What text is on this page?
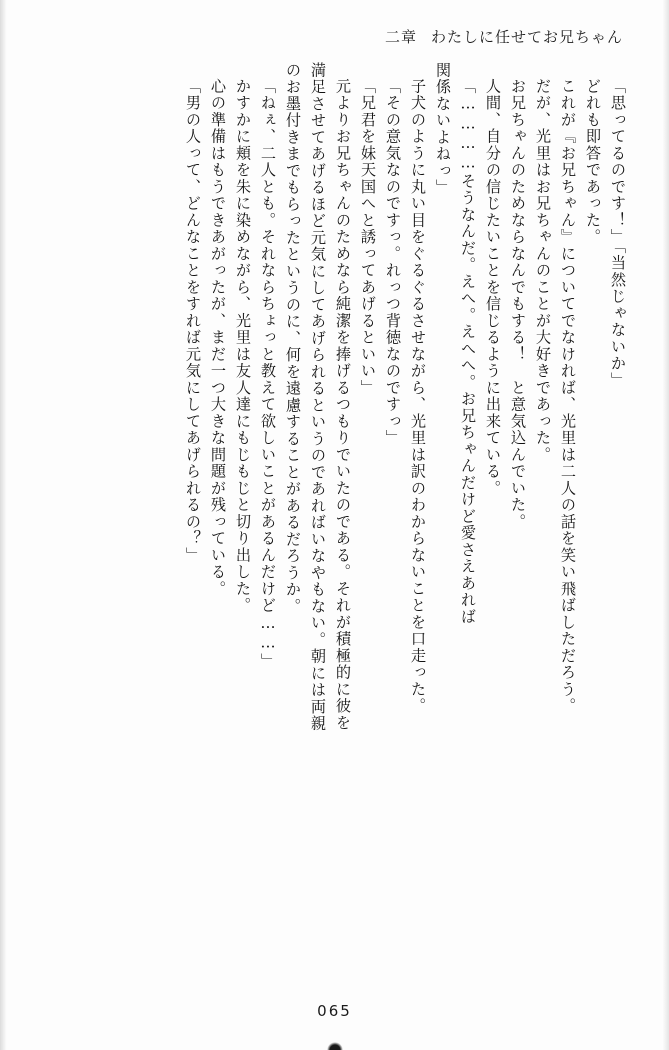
二章 わたしに任せてお兄ちゃん
「思ってるのです！」「当然じゃないか」
どれも即答であった。
これが『お兄ちゃん』についてでなければ、光里は二人の話を笑い飛ばしただろう。
だが、光里はお兄ちゃんのことが大好きであった。
お兄ちゃんのためならなんでもする！　と意気込んでいた。
人間、自分の信じたいことを信じるように出来ている。
「…………そうなんだ。えへ。えへへ。お兄ちゃんだけど愛さえあれば
関係ないよねっ」
子犬のように丸い目をぐるぐるさせながら、光里は訳のわからないことを口走った。
「その意気なのですっ。れっつ背徳なのですっ」
「兄君を妹天国へと誘ってあげるといい」
元よりお兄ちゃんのためなら純潔を捧げるつもりでいたのである。それが積極的に彼を
満足させてあげるほど元気にしてあげられるというのであればいなやもない。朝には両親
のお墨付きまでもらったというのに、何を遠慮することがあるだろうか。
「ねぇ、二人とも。それならちょっと教えて欲しいことがあるんだけど……」
かすかに頬を朱に染めながら、光里は友人達にもじもじと切り出した。
心の準備はもうできあがったが、まだ一つ大きな問題が残っている。
「男の人って、どんなことをすれば元気にしてあげられるの？」
065
